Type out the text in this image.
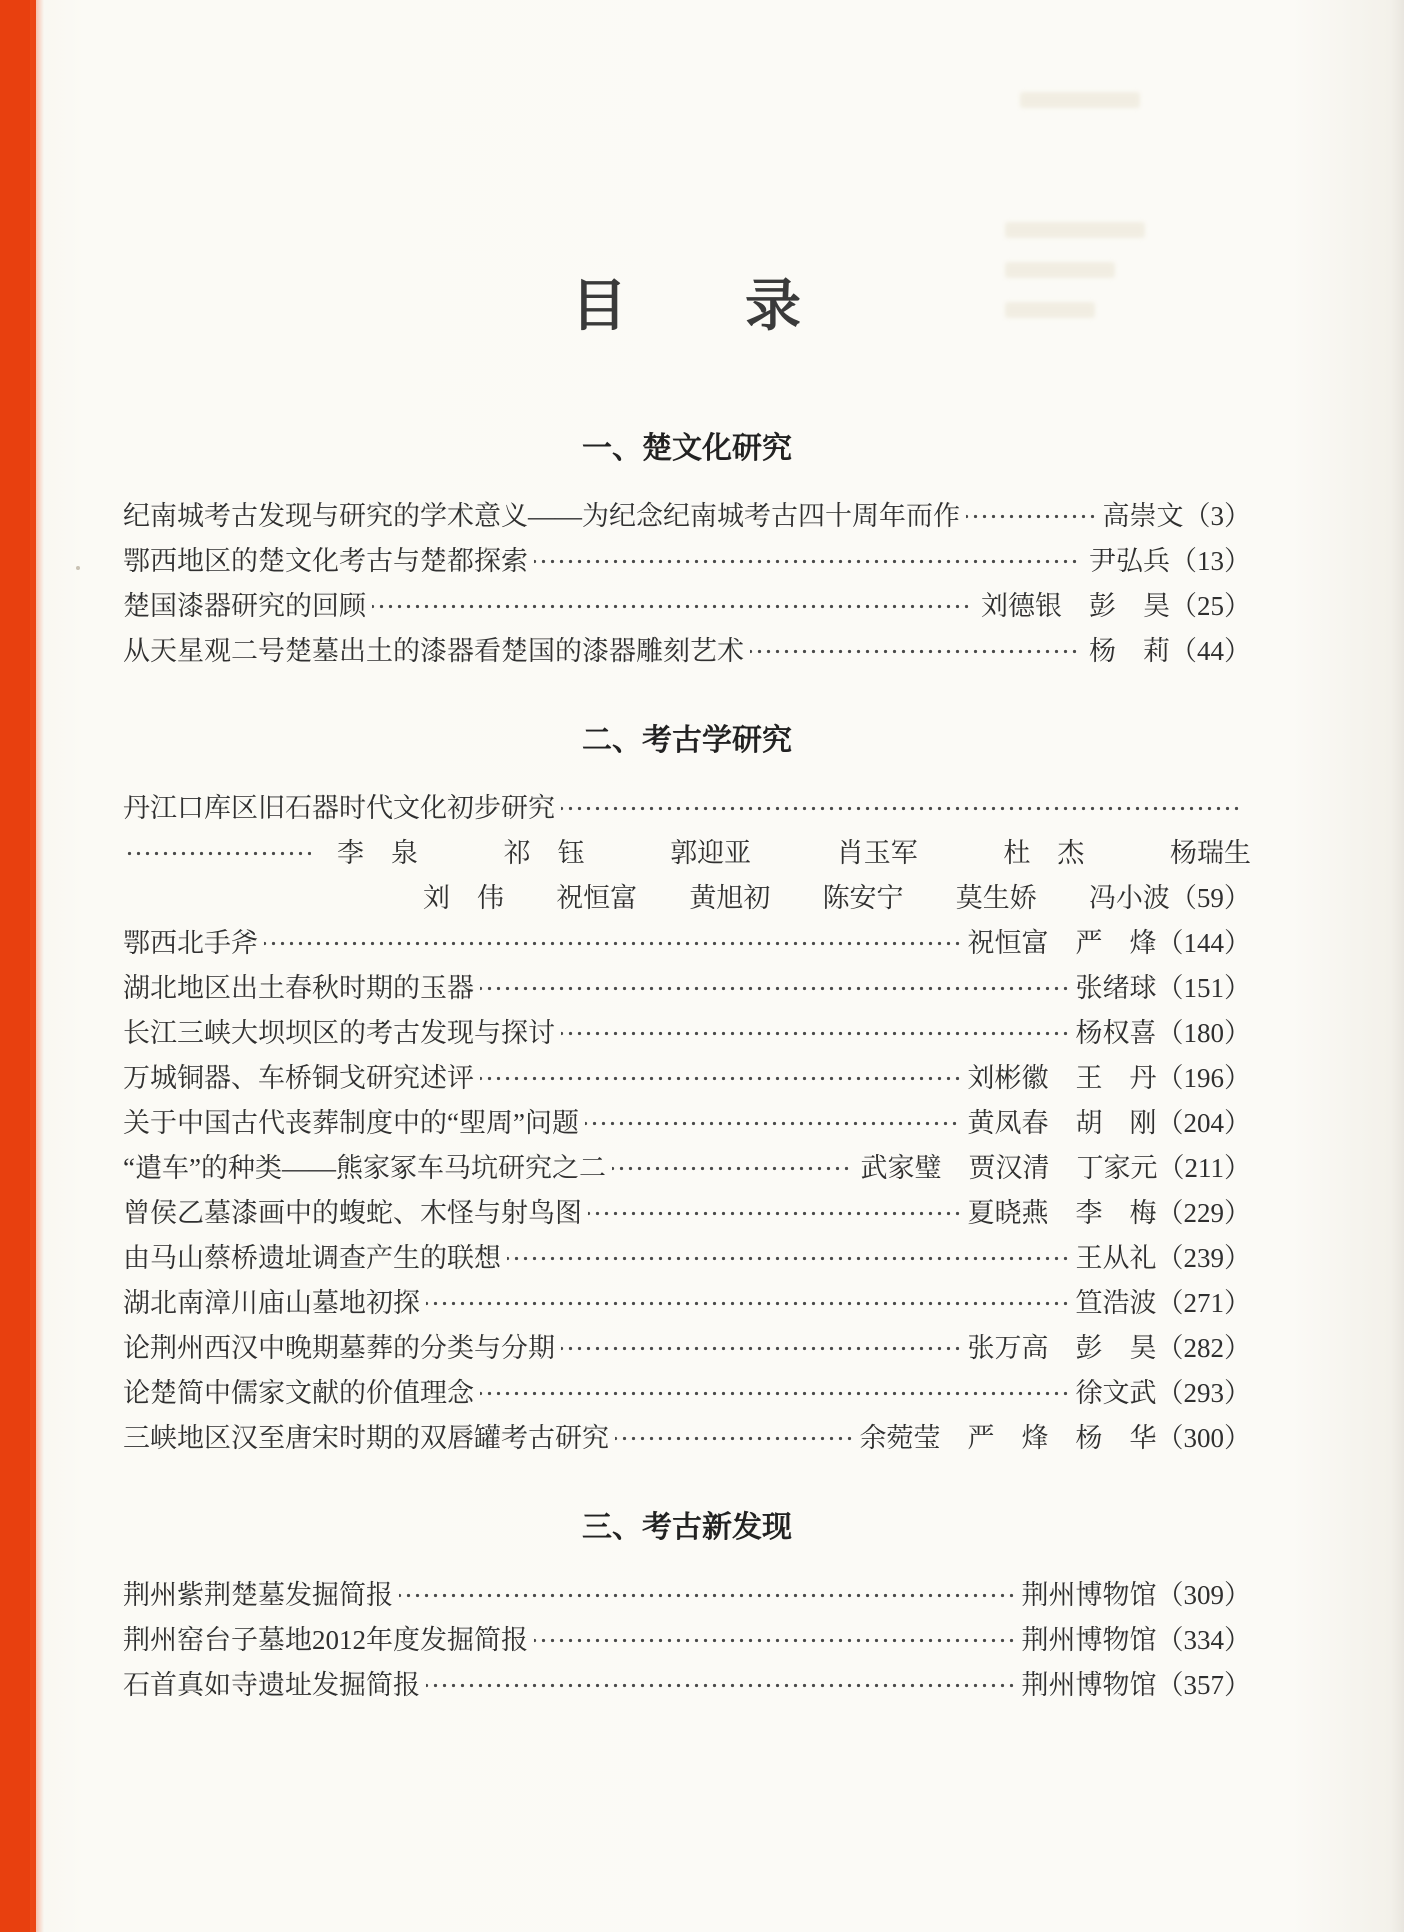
目　　录
一、楚文化研究
纪南城考古发现与研究的学术意义——为纪念纪南城考古四十周年而作	高崇文（3）
鄂西地区的楚文化考古与楚都探索	尹弘兵（13）
楚国漆器研究的回顾	刘德银　彭　昊（25）
从天星观二号楚墓出土的漆器看楚国的漆器雕刻艺术	杨　莉（44）
二、考古学研究
丹江口库区旧石器时代文化初步研究
李　泉	祁　钰	郭迎亚	肖玉军	杜　杰	杨瑞生
刘　伟 祝恒富 黄旭初 陈安宁 莫生娇 冯小波（59）
鄂西北手斧	祝恒富　严　烽（144）
湖北地区出土春秋时期的玉器	张绪球（151）
长江三峡大坝坝区的考古发现与探讨	杨权喜（180）
万城铜器、车桥铜戈研究述评	刘彬徽　王　丹（196）
关于中国古代丧葬制度中的“堲周”问题	黄凤春　胡　刚（204）
“遣车”的种类——熊家冢车马坑研究之二	武家璧　贾汉清　丁家元（211）
曾侯乙墓漆画中的蝮蛇、木怪与射鸟图	夏晓燕　李　梅（229）
由马山蔡桥遗址调查产生的联想	王从礼（239）
湖北南漳川庙山墓地初探	笪浩波（271）
论荆州西汉中晚期墓葬的分类与分期	张万高　彭　昊（282）
论楚简中儒家文献的价值理念	徐文武（293）
三峡地区汉至唐宋时期的双唇罐考古研究	余菀莹　严　烽　杨　华（300）
三、考古新发现
荆州紫荆楚墓发掘简报	荆州博物馆（309）
荆州窑台子墓地2012年度发掘简报	荆州博物馆（334）
石首真如寺遗址发掘简报	荆州博物馆（357）
